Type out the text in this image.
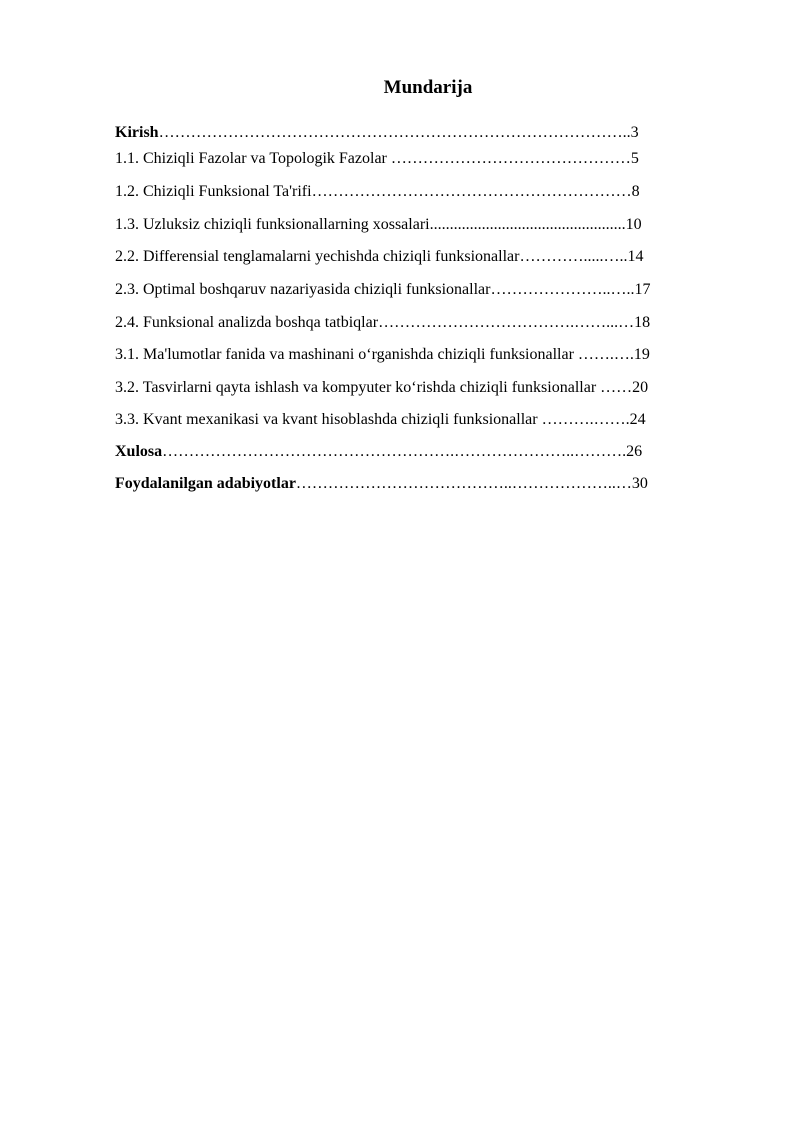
Mundarija
Kirish……………………………………………………………………………..3
1.1. Chiziqli Fazolar va Topologik Fazolar ………………………………………5
1.2. Chiziqli Funksional Ta'rifi……………………………………………………8
1.3. Uzluksiz chiziqli funksionallarning xossalari.................................................10
2.2. Differensial tenglamalarni yechishda chiziqli funksionallar………….....…..14
2.3. Optimal boshqaruv nazariyasida chiziqli funksionallar…………………..…..17
2.4. Funksional analizda boshqa tatbiqlar……………………………….……...…18
3.1. Ma'lumotlar fanida va mashinani o‘rganishda chiziqli funksionallar …….….19
3.2. Tasvirlarni qayta ishlash va kompyuter ko‘rishda chiziqli funksionallar ……20
3.3. Kvant mexanikasi va kvant hisoblashda chiziqli funksionallar ……….…….24
Xulosa……………………………………………….…………………..……….26
Foydalanilgan adabiyotlar…………………………………..………………..…30
